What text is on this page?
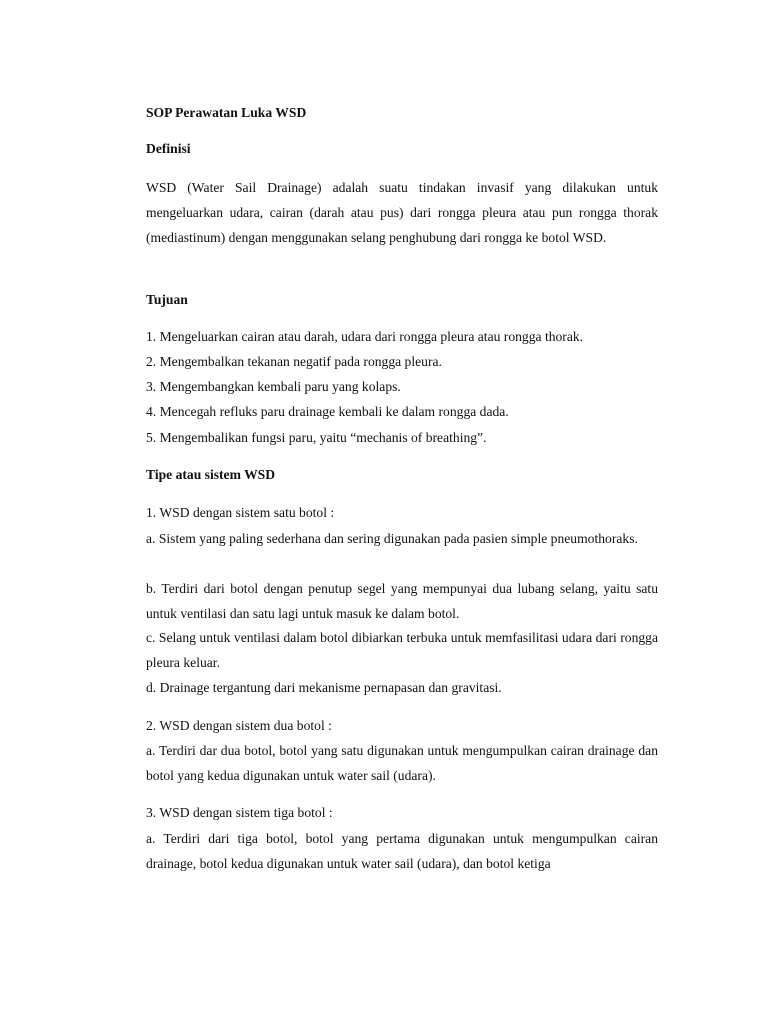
SOP Perawatan Luka WSD
Definisi
WSD (Water Sail Drainage) adalah suatu tindakan invasif yang dilakukan untuk mengeluarkan udara, cairan (darah atau pus) dari rongga pleura atau pun rongga thorak (mediastinum) dengan menggunakan selang penghubung dari rongga ke botol WSD.
Tujuan
1. Mengeluarkan cairan atau darah, udara dari rongga pleura atau rongga thorak.
2. Mengembalkan tekanan negatif pada rongga pleura.
3. Mengembangkan kembali paru yang kolaps.
4. Mencegah refluks paru drainage kembali ke dalam rongga dada.
5. Mengembalikan fungsi paru, yaitu “mechanis of breathing”.
Tipe atau sistem WSD
1. WSD dengan sistem satu botol :
a. Sistem yang paling sederhana dan sering digunakan pada pasien simple pneumothoraks.
b. Terdiri dari botol dengan penutup segel yang mempunyai dua lubang selang, yaitu satu untuk ventilasi dan satu lagi untuk masuk ke dalam botol.
c. Selang untuk ventilasi dalam botol dibiarkan terbuka untuk memfasilitasi udara dari rongga pleura keluar.
d. Drainage tergantung dari mekanisme pernapasan dan gravitasi.
2. WSD dengan sistem dua botol :
a. Terdiri dar dua botol, botol yang satu digunakan untuk mengumpulkan cairan drainage dan botol yang kedua digunakan untuk water sail (udara).
3. WSD dengan sistem tiga botol :
a. Terdiri dari tiga botol, botol yang pertama digunakan untuk mengumpulkan cairan drainage, botol kedua digunakan untuk water sail (udara), dan botol ketiga
